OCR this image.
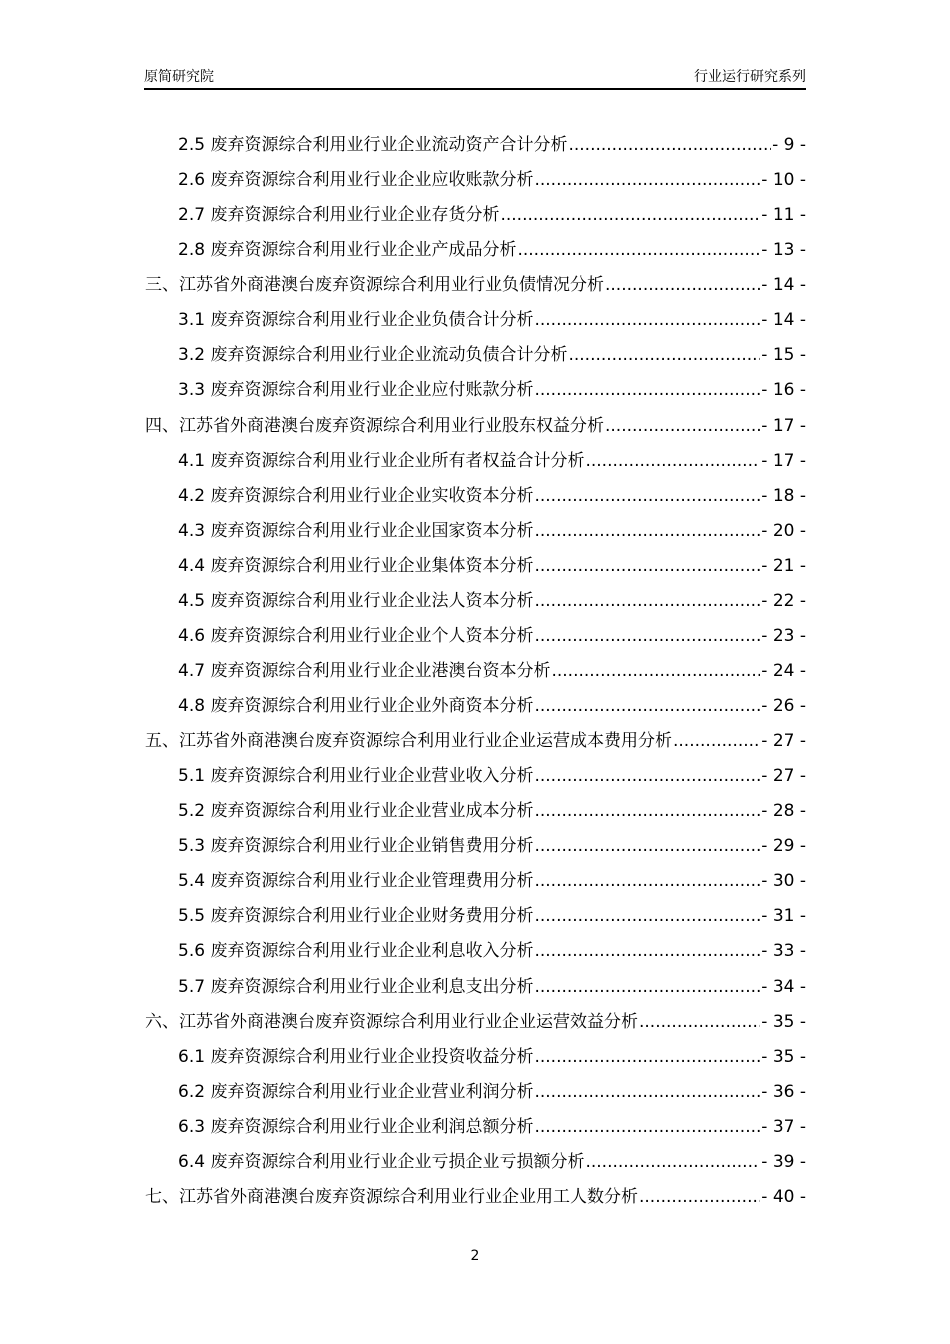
原简研究院	行业运行研究系列
2.5 废弃资源综合利用业行业企业流动资产合计分析 .....	- 9 -
2.6 废弃资源综合利用业行业企业应收账款分析 .....	- 10 -
2.7 废弃资源综合利用业行业企业存货分析 .....	- 11 -
2.8 废弃资源综合利用业行业企业产成品分析 .....	- 13 -
三、江苏省外商港澳台废弃资源综合利用业行业负债情况分析 .....	- 14 -
3.1 废弃资源综合利用业行业企业负债合计分析 .....	- 14 -
3.2 废弃资源综合利用业行业企业流动负债合计分析 .....	- 15 -
3.3 废弃资源综合利用业行业企业应付账款分析 .....	- 16 -
四、江苏省外商港澳台废弃资源综合利用业行业股东权益分析 .....	- 17 -
4.1 废弃资源综合利用业行业企业所有者权益合计分析 .....	- 17 -
4.2 废弃资源综合利用业行业企业实收资本分析 .....	- 18 -
4.3 废弃资源综合利用业行业企业国家资本分析 .....	- 20 -
4.4 废弃资源综合利用业行业企业集体资本分析 .....	- 21 -
4.5 废弃资源综合利用业行业企业法人资本分析 .....	- 22 -
4.6 废弃资源综合利用业行业企业个人资本分析 .....	- 23 -
4.7 废弃资源综合利用业行业企业港澳台资本分析 .....	- 24 -
4.8 废弃资源综合利用业行业企业外商资本分析 .....	- 26 -
五、江苏省外商港澳台废弃资源综合利用业行业企业运营成本费用分析 .....	- 27 -
5.1 废弃资源综合利用业行业企业营业收入分析 .....	- 27 -
5.2 废弃资源综合利用业行业企业营业成本分析 .....	- 28 -
5.3 废弃资源综合利用业行业企业销售费用分析 .....	- 29 -
5.4 废弃资源综合利用业行业企业管理费用分析 .....	- 30 -
5.5 废弃资源综合利用业行业企业财务费用分析 .....	- 31 -
5.6 废弃资源综合利用业行业企业利息收入分析 .....	- 33 -
5.7 废弃资源综合利用业行业企业利息支出分析 .....	- 34 -
六、江苏省外商港澳台废弃资源综合利用业行业企业运营效益分析 .....	- 35 -
6.1 废弃资源综合利用业行业企业投资收益分析 .....	- 35 -
6.2 废弃资源综合利用业行业企业营业利润分析 .....	- 36 -
6.3 废弃资源综合利用业行业企业利润总额分析 .....	- 37 -
6.4 废弃资源综合利用业行业企业亏损企业亏损额分析 .....	- 39 -
七、江苏省外商港澳台废弃资源综合利用业行业企业用工人数分析 .....	- 40 -
2
